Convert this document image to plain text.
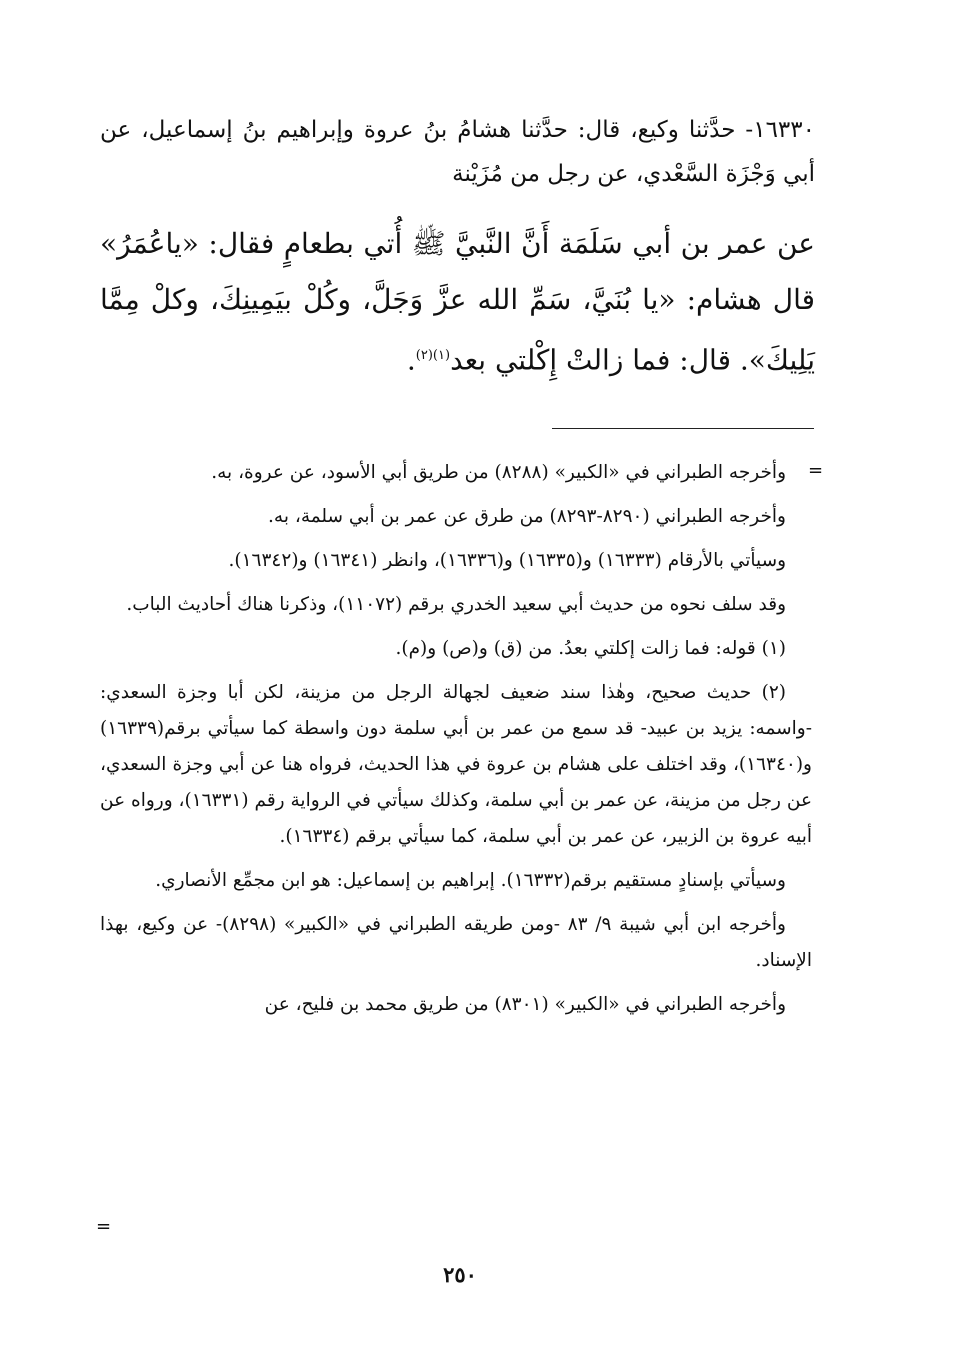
١٦٣٣٠- حدَّثنا وكيع، قال: حدَّثنا هشامُ بنُ عروة وإبراهيم بنُ إسماعيل، عن أبي وَجْزَة السَّعْدي، عن رجل من مُزَيْنة
عن عمر بن أبي سَلَمَة أَنَّ النَّبيَّ ﷺ أُتي بطعامٍ فقال: «ياعُمَرُ» قال هشام: «يا بُنَيَّ، سَمِّ الله عزَّ وَجَلَّ، وكُلْ بيَمِينِكَ، وكلْ مِمَّا يَلِيكَ». قال: فما زالتْ إِكْلتي بعد$^{(١)(٢)}$.
=

وأخرجه الطبراني في «الكبير» (٨٢٨٨) من طريق أبي الأسود، عن عروة، به.

وأخرجه الطبراني (٨٢٩٠-٨٢٩٣) من طرق عن عمر بن أبي سلمة، به.

وسيأتي بالأرقام (١٦٣٣٣) و(١٦٣٣٥) و(١٦٣٣٦)، وانظر (١٦٣٤١) و(١٦٣٤٢).

وقد سلف نحوه من حديث أبي سعيد الخدري برقم (١١٠٧٢)، وذكرنا هناك أحاديث الباب.

(١) قوله: فما زالت إكلتي بعدُ. من (ق) و(ص) و(م).

(٢) حديث صحيح، وهٰذا سند ضعيف لجهالة الرجل من مزينة، لكن أبا وجزة السعدي: -واسمه: يزيد بن عبيد- قد سمع من عمر بن أبي سلمة دون واسطة كما سيأتي برقم(١٦٣٣٩) و(١٦٣٤٠)، وقد اختلف على هشام بن عروة في هذا الحديث، فرواه هنا عن أبي وجزة السعدي، عن رجل من مزينة، عن عمر بن أبي سلمة، وكذلك سيأتي في الرواية رقم (١٦٣٣١)، ورواه عن أبيه عروة بن الزبير، عن عمر بن أبي سلمة، كما سيأتي برقم (١٦٣٣٤).

وسيأتي بإسنادٍ مستقيم برقم(١٦٣٣٢). إبراهيم بن إسماعيل: هو ابن مجمِّع الأنصاري.

وأخرجه ابن أبي شيبة ٩/ ٨٣ -ومن طريقه الطبراني في «الكبير» (٨٢٩٨)- عن وكيع، بهذا الإسناد.

وأخرجه الطبراني في «الكبير» (٨٣٠١) من طريق محمد بن فليح، عن

=
٢٥٠
